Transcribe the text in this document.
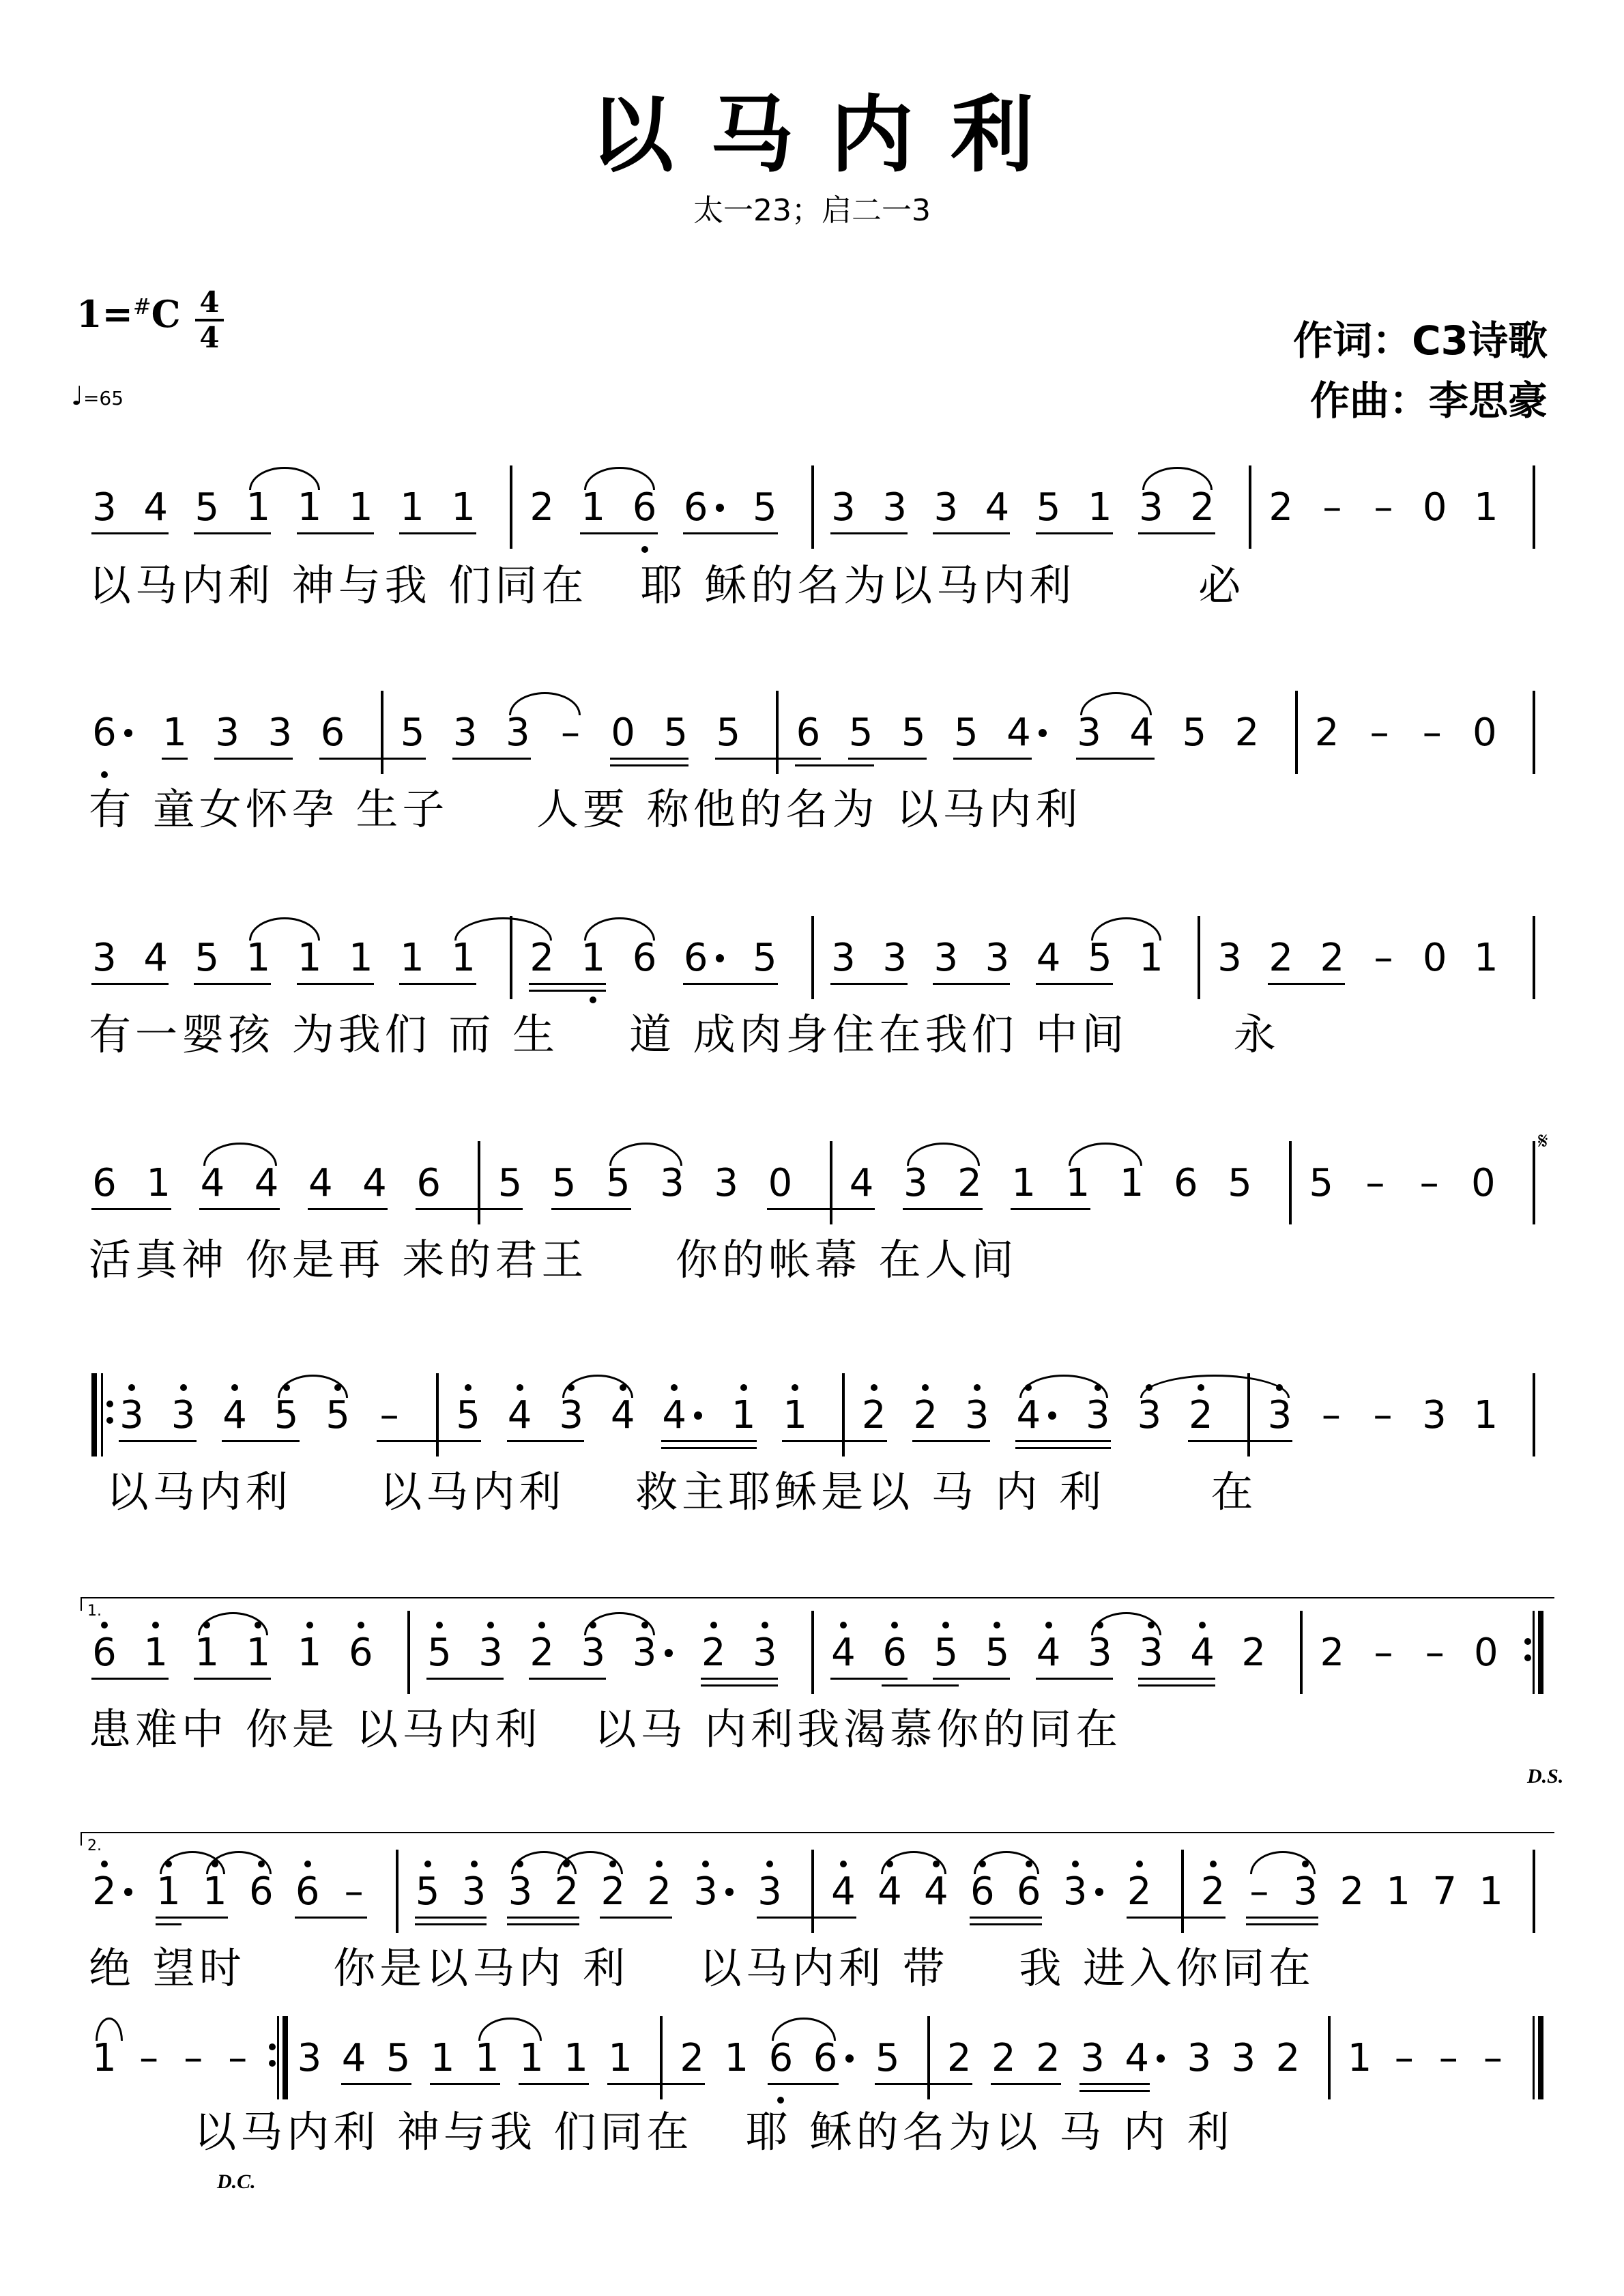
以马内利
太一23；启二一3
1=#C 4
4
♩=65
作词：C3诗歌
作曲：李思豪
𝄋
1.
2.
D.S.
D.C.
3 4 5 1 1 1 1 1 2 1 6 6 5 3 3 3 4 5 1 3 2 2 – – 0 1
6 1 3 3 6 5 3 3 – 0 5 5 6 5 5 5 4 3 4 5 2 2 – – 0
3 4 5 1 1 1 1 1 2 1 6 6 5 3 3 3 3 4 5 1 3 2 2 – 0 1
6 1 4 4 4 4 6 5 5 5 3 3 0 4 3 2 1 1 1 6 5 5 – – 0
3 3 4 5 5 – 5 4 3 4 4 1 1 2 2 3 4 3 3 2 3 – – 3 1
6 1 1 1 1 6 5 3 2 3 3 2 3 4 6 5 5 4 3 3 4 2 2 – – 0
2 1 1 6 6 – 5 3 3 2 2 2 3 3 4 4 4 6 6 3 2 2 – 3 2 1 7 1
1 – – – 3 4 5 1 1 1 1 1 2 1 6 6 5 2 2 2 3 4 3 3 2 1 – – –
以马内利 神与我 们同在   耶 稣的名为以马内利       必
有 童女怀孕 生子     人要 称他的名为 以马内利
有一婴孩 为我们 而 生    道 成肉身住在我们 中间      永
活真神 你是再 来的君王     你的帐幕 在人间
以马内利     以马内利    救主耶稣是以 马 内 利      在
患难中 你是 以马内利   以马 内利我渴慕你的同在
绝 望时     你是以马内 利    以马内利 带    我 进入你同在
以马内利 神与我 们同在   耶 稣的名为以 马 内 利
